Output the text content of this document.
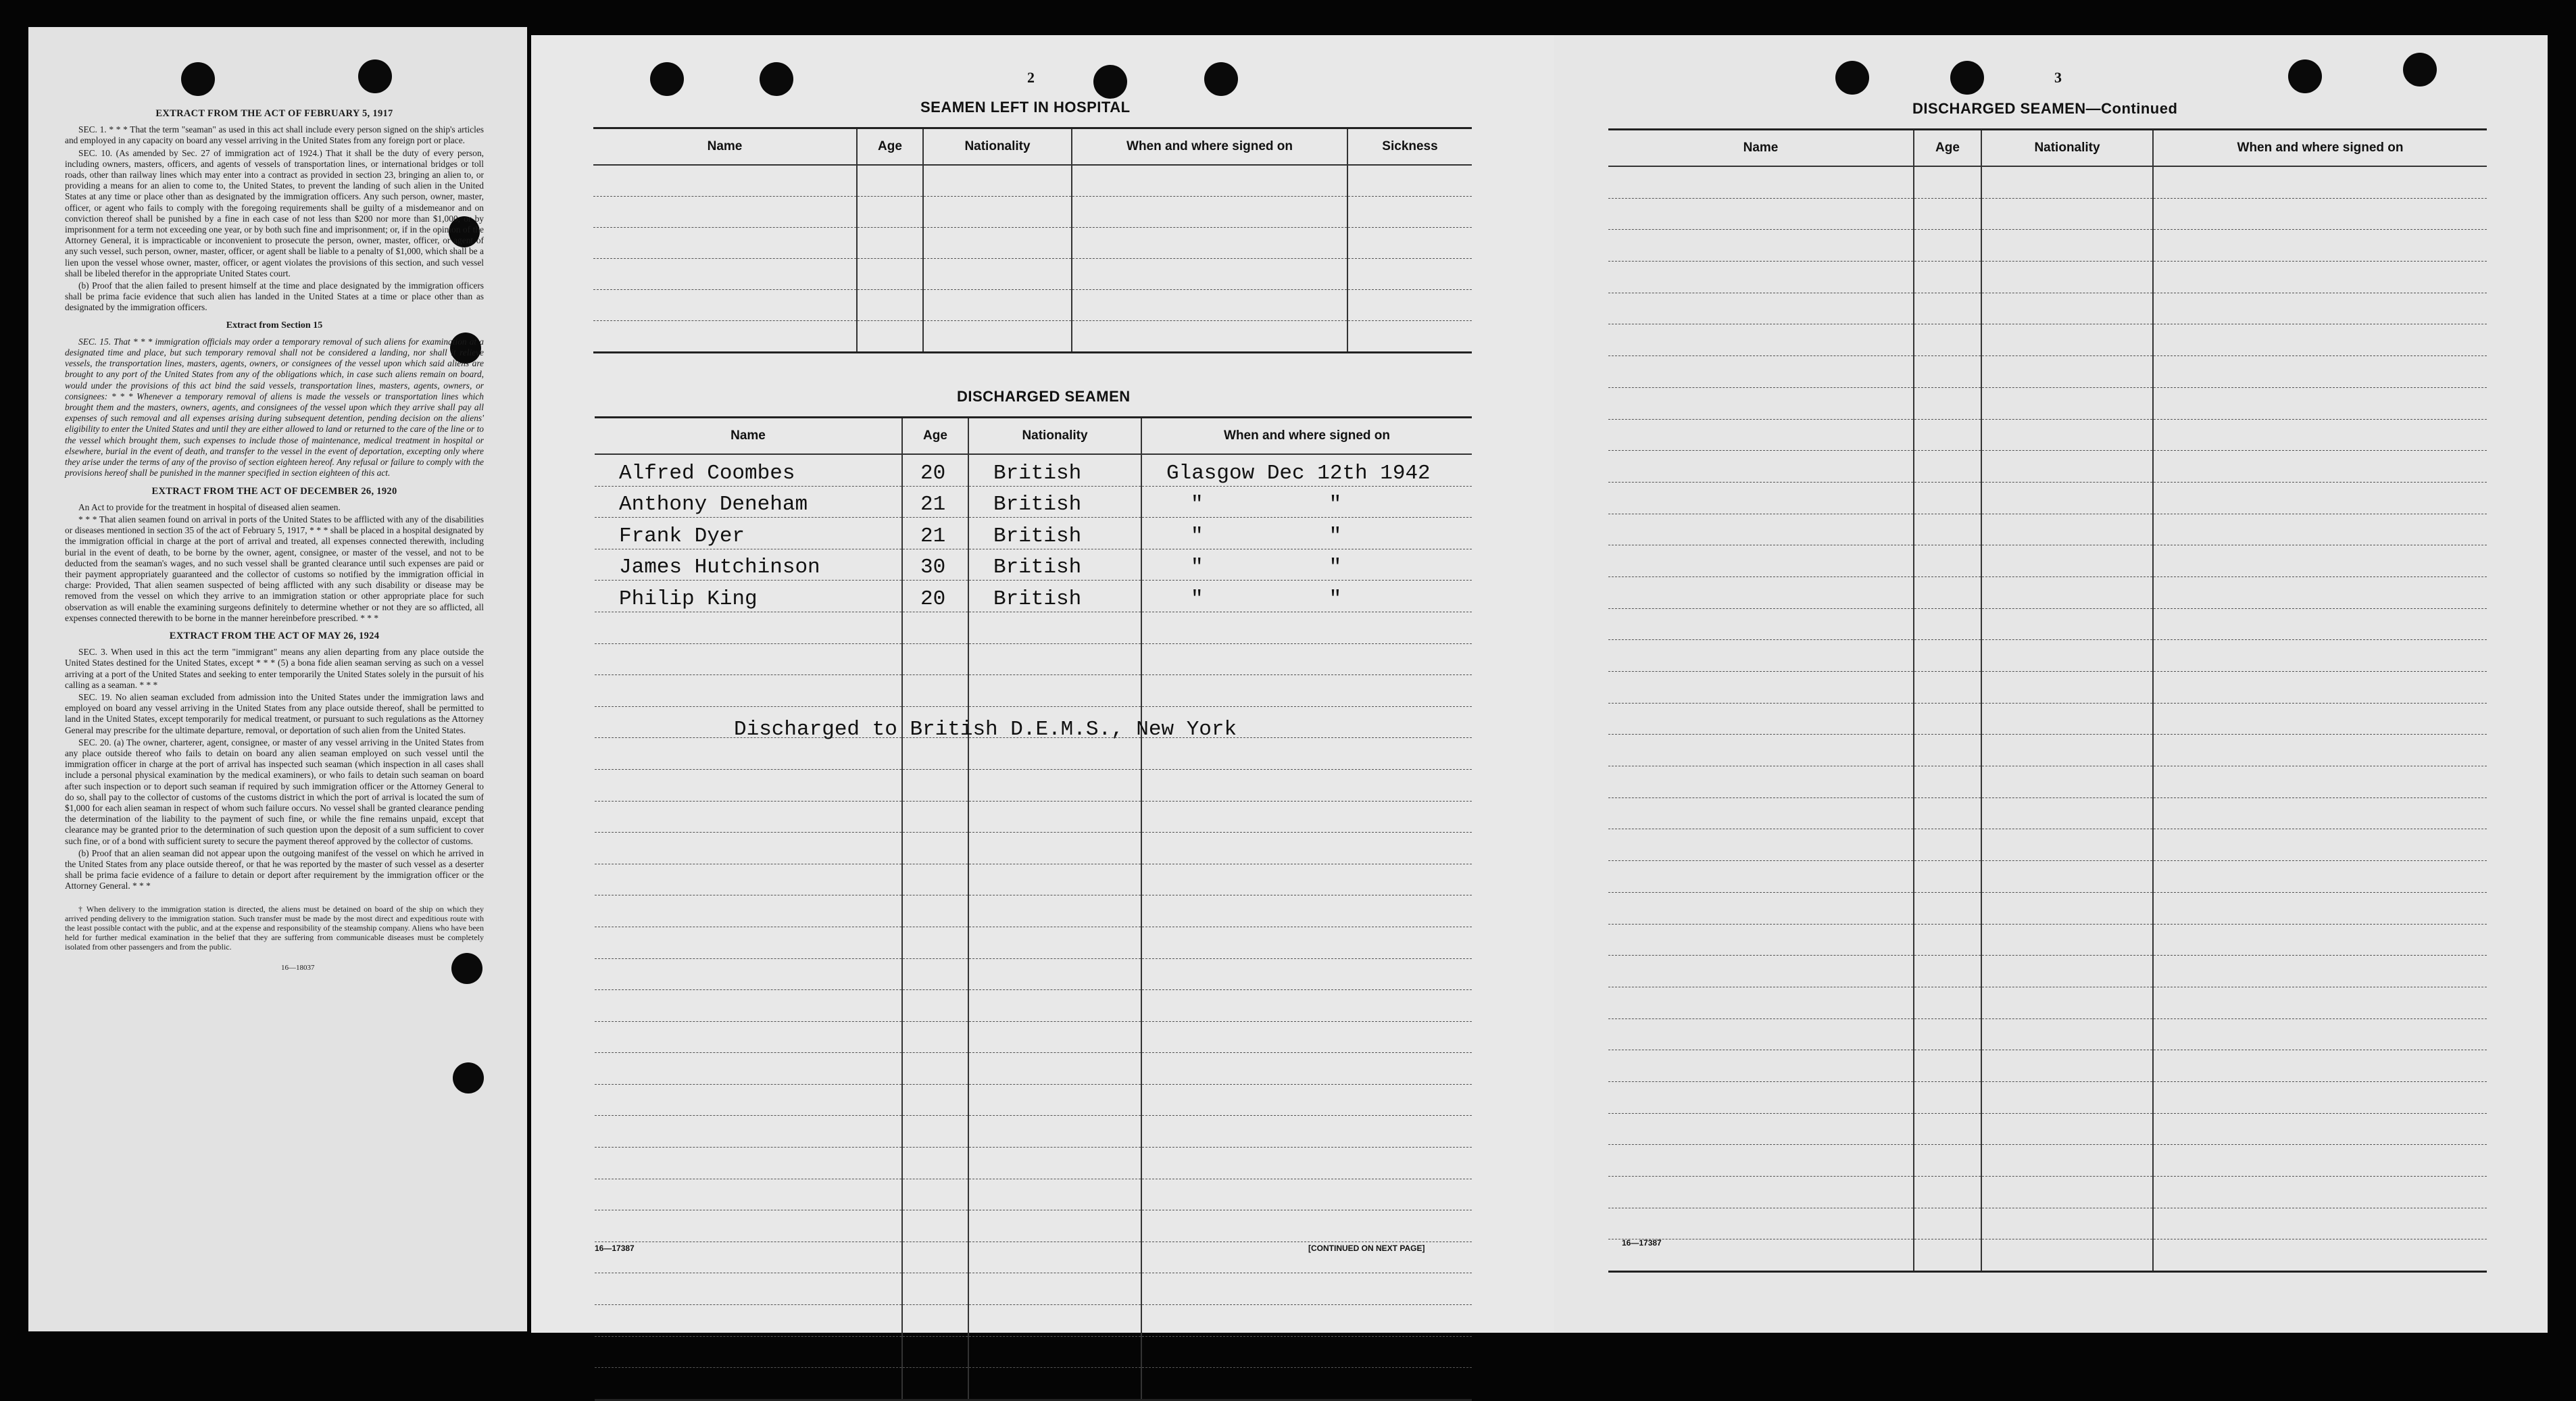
EXTRACT FROM THE ACT OF FEBRUARY 5, 1917

SEC. 1. * * * That the term "seaman" as used in this act shall include every person signed on the ship's articles and employed in any capacity on board any vessel arriving in the United States from any foreign port or place.

SEC. 10. (As amended by Sec. 27 of immigration act of 1924.) That it shall be the duty of every person, including owners, masters, officers, and agents of vessels of transportation lines, or international bridges or toll roads, other than railway lines which may enter into a contract as provided in section 23, bringing an alien to, or providing a means for an alien to come to, the United States, to prevent the landing of such alien in the United States at any time or place other than as designated by the immigration officers. Any such person, owner, master, officer, or agent who fails to comply with the foregoing requirements shall be guilty of a misdemeanor and on conviction thereof shall be punished by a fine in each case of not less than $200 nor more than $1,000, or by imprisonment for a term not exceeding one year, or by both such fine and imprisonment; or, if in the opinion of the Attorney General, it is impracticable or inconvenient to prosecute the person, owner, master, officer, or agent of any such vessel, such person, owner, master, officer, or agent shall be liable to a penalty of $1,000, which shall be a lien upon the vessel whose owner, master, officer, or agent violates the provisions of this section, and such vessel shall be libeled therefor in the appropriate United States court.

(b) Proof that the alien failed to present himself at the time and place designated by the immigration officers shall be prima facie evidence that such alien has landed in the United States at a time or place other than as designated by the immigration officers.

Extract from Section 15

SEC. 15. That * * * immigration officials may order a temporary removal of such aliens for examination at a designated time and place, but such temporary removal shall not be considered a landing, nor shall it relieve vessels, the transportation lines, masters, agents, owners, or consignees of the vessel upon which said aliens are brought to any port of the United States from any of the obligations which, in case such aliens remain on board, would under the provisions of this act bind the said vessels, transportation lines, masters, agents, owners, or consignees: * * * Whenever a temporary removal of aliens is made the vessels or transportation lines which brought them and the masters, owners, agents, and consignees of the vessel upon which they arrive shall pay all expenses of such removal and all expenses arising during subsequent detention, pending decision on the aliens' eligibility to enter the United States and until they are either allowed to land or returned to the care of the line or to the vessel which brought them, such expenses to include those of maintenance, medical treatment in hospital or elsewhere, burial in the event of death, and transfer to the vessel in the event of deportation, excepting only where they arise under the terms of any of the proviso of section eighteen hereof. Any refusal or failure to comply with the provisions hereof shall be punished in the manner specified in section eighteen of this act.

EXTRACT FROM THE ACT OF DECEMBER 26, 1920

An Act to provide for the treatment in hospital of diseased alien seamen.

* * * That alien seamen found on arrival in ports of the United States to be afflicted with any of the disabilities or diseases mentioned in section 35 of the act of February 5, 1917, * * * shall be placed in a hospital designated by the immigration official in charge at the port of arrival and treated, all expenses connected therewith, including burial in the event of death, to be borne by the owner, agent, consignee, or master of the vessel, and not to be deducted from the seaman's wages, and no such vessel shall be granted clearance until such expenses are paid or their payment appropriately guaranteed and the collector of customs so notified by the immigration official in charge: Provided, That alien seamen suspected of being afflicted with any such disability or disease may be removed from the vessel on which they arrive to an immigration station or other appropriate place for such observation as will enable the examining surgeons definitely to determine whether or not they are so afflicted, all expenses connected therewith to be borne in the manner hereinbefore prescribed. * * *

EXTRACT FROM THE ACT OF MAY 26, 1924

SEC. 3. When used in this act the term "immigrant" means any alien departing from any place outside the United States destined for the United States, except * * * (5) a bona fide alien seaman serving as such on a vessel arriving at a port of the United States and seeking to enter temporarily the United States solely in the pursuit of his calling as a seaman. * * *

SEC. 19. No alien seaman excluded from admission into the United States under the immigration laws and employed on board any vessel arriving in the United States from any place outside thereof, shall be permitted to land in the United States, except temporarily for medical treatment, or pursuant to such regulations as the Attorney General may prescribe for the ultimate departure, removal, or deportation of such alien from the United States.

SEC. 20. (a) The owner, charterer, agent, consignee, or master of any vessel arriving in the United States from any place outside thereof who fails to detain on board any alien seaman employed on such vessel until the immigration officer in charge at the port of arrival has inspected such seaman (which inspection in all cases shall include a personal physical examination by the medical examiners), or who fails to detain such seaman on board after such inspection or to deport such seaman if required by such immigration officer or the Attorney General to do so, shall pay to the collector of customs of the customs district in which the port of arrival is located the sum of $1,000 for each alien seaman in respect of whom such failure occurs. No vessel shall be granted clearance pending the determination of the liability to the payment of such fine, or while the fine remains unpaid, except that clearance may be granted prior to the determination of such question upon the deposit of a sum sufficient to cover such fine, or of a bond with sufficient surety to secure the payment thereof approved by the collector of customs.

(b) Proof that an alien seaman did not appear upon the outgoing manifest of the vessel on which he arrived in the United States from any place outside thereof, or that he was reported by the master of such vessel as a deserter shall be prima facie evidence of a failure to detain or deport after requirement by the immigration officer or the Attorney General. * * *

† When delivery to the immigration station is directed, the aliens must be detained on board of the ship on which they arrived pending delivery to the immigration station. Such transfer must be made by the most direct and expeditious route with the least possible contact with the public, and at the expense and responsibility of the steamship company. Aliens who have been held for further medical examination in the belief that they are suffering from communicable diseases must be completely isolated from other passengers and from the public.

16—18037

2
SEAMEN LEFT IN HOSPITAL
Name	Age	Nationality	When and where signed on	Sickness

DISCHARGED SEAMEN
Name	Age	Nationality	When and where signed on

Alfred Coombes	20	British	Glasgow Dec 12th 1942

Anthony Deneham	21	British	"          "

Frank Dyer	21	British	"          "

James Hutchinson	30	British	"          "

Philip King	20	British	"          "

Discharged to British D.E.M.S., New York
16—17387	[CONTINUED ON NEXT PAGE]
3
DISCHARGED SEAMEN—Continued
Name	Age	Nationality	When and where signed on

16—17387
